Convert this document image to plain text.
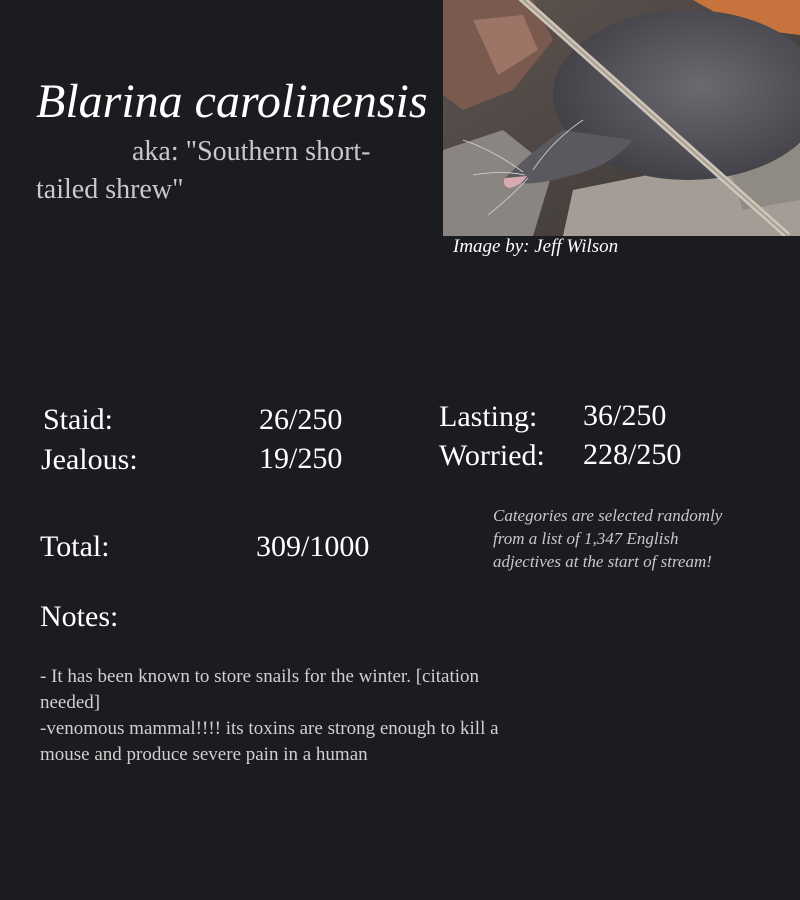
Blarina carolinensis

aka: "Southern short-tailed shrew"

Image by: Jeff Wilson
Staid:	26/250
Jealous:	19/250
Lasting: 36/250
Worried: 228/250
Total:	309/1000
Categories are selected randomly from a list of 1,347 English adjectives at the start of stream!
Notes:
- It has been known to store snails for the winter. [citation needed]
-venomous mammal!!!! its toxins are strong enough to kill a mouse and produce severe pain in a human
